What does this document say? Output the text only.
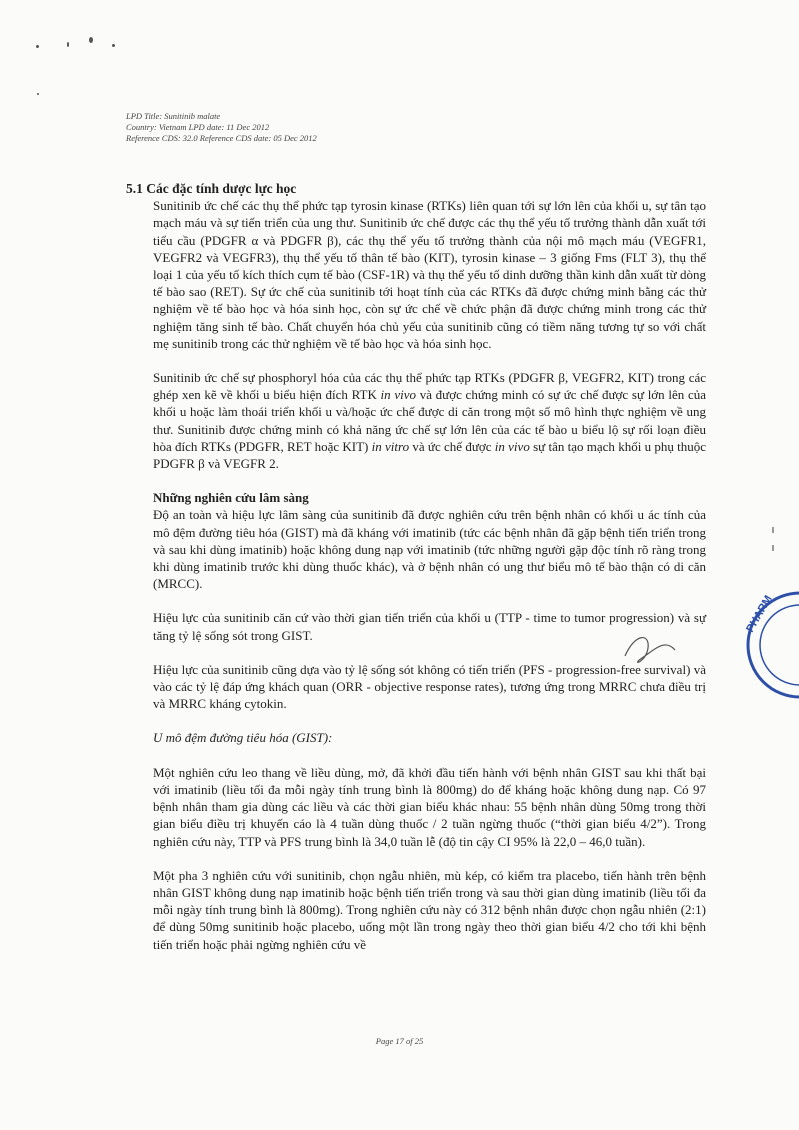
LPD Title: Sunitinib malate
Country: Vietnam LPD date: 11 Dec 2012
Reference CDS: 32.0 Reference CDS date: 05 Dec 2012

5.1 Các đặc tính dược lực học

Sunitinib ức chế các thụ thể phức tạp tyrosin kinase (RTKs) liên quan tới sự lớn lên của khối u, sự tân tạo mạch máu và sự tiến triển của ung thư. Sunitinib ức chế được các thụ thể yếu tố trưởng thành dẫn xuất tới tiểu cầu (PDGFR α và PDGFR β), các thụ thể yếu tố trưởng thành của nội mô mạch máu (VEGFR1, VEGFR2 và VEGFR3), thụ thể yếu tố thân tế bào (KIT), tyrosin kinase – 3 giống Fms (FLT 3), thụ thể loại 1 của yếu tố kích thích cụm tế bào (CSF-1R) và thụ thể yếu tố dinh dưỡng thần kinh dẫn xuất từ dòng tế bào sao (RET). Sự ức chế của sunitinib tới hoạt tính của các RTKs đã được chứng minh bằng các thử nghiệm về tế bào học và hóa sinh học, còn sự ức chế về chức phận đã được chứng minh trong các thử nghiệm tăng sinh tế bào. Chất chuyển hóa chủ yếu của sunitinib cũng có tiềm năng tương tự so với chất mẹ sunitinib trong các thử nghiệm về tế bào học và hóa sinh học.

Sunitinib ức chế sự phosphoryl hóa của các thụ thể phức tạp RTKs (PDGFR β, VEGFR2, KIT) trong các ghép xen kẽ về khối u biểu hiện đích RTK in vivo và được chứng minh có sự ức chế được sự lớn lên của khối u hoặc làm thoái triển khối u và/hoặc ức chế được di căn trong một số mô hình thực nghiệm về ung thư. Sunitinib được chứng minh có khả năng ức chế sự lớn lên của các tế bào u biểu lộ sự rối loạn điều hòa đích RTKs (PDGFR, RET hoặc KIT) in vitro và ức chế được in vivo sự tân tạo mạch khối u phụ thuộc PDGFR β và VEGFR 2.

Những nghiên cứu lâm sàng

Độ an toàn và hiệu lực lâm sàng của sunitinib đã được nghiên cứu trên bệnh nhân có khối u ác tính của mô đệm đường tiêu hóa (GIST) mà đã kháng với imatinib (tức các bệnh nhân đã gặp bệnh tiến triển trong và sau khi dùng imatinib) hoặc không dung nạp với imatinib (tức những người gặp độc tính rõ ràng trong khi dùng imatinib trước khi dùng thuốc khác), và ở bệnh nhân có ung thư biểu mô tế bào thận có di căn (MRCC).

Hiệu lực của sunitinib căn cứ vào thời gian tiến triển của khối u (TTP - time to tumor progression) và sự tăng tỷ lệ sống sót trong GIST.

Hiệu lực của sunitinib cũng dựa vào tỷ lệ sống sót không có tiến triển (PFS - progression-free survival) và vào các tỷ lệ đáp ứng khách quan (ORR - objective response rates), tương ứng trong MRRC chưa điều trị và MRRC kháng cytokin.

U mô đệm đường tiêu hóa (GIST):

Một nghiên cứu leo thang về liều dùng, mở, đã khởi đầu tiến hành với bệnh nhân GIST sau khi thất bại với imatinib (liều tối đa mỗi ngày tính trung bình là 800mg) do để kháng hoặc không dung nạp. Có 97 bệnh nhân tham gia dùng các liều và các thời gian biểu khác nhau: 55 bệnh nhân dùng 50mg trong thời gian biểu điều trị khuyến cáo là 4 tuần dùng thuốc / 2 tuần ngừng thuốc (“thời gian biểu 4/2”). Trong nghiên cứu này, TTP và PFS trung bình là 34,0 tuần lễ (độ tin cậy CI 95% là 22,0 – 46,0 tuần).

Một pha 3 nghiên cứu với sunitinib, chọn ngẫu nhiên, mù kép, có kiểm tra placebo, tiến hành trên bệnh nhân GIST không dung nạp imatinib hoặc bệnh tiến triển trong và sau thời gian dùng imatinib (liều tối đa mỗi ngày tính trung bình là 800mg). Trong nghiên cứu này có 312 bệnh nhân được chọn ngẫu nhiên (2:1) để dùng 50mg sunitinib hoặc placebo, uống một lần trong ngày theo thời gian biểu 4/2 cho tới khi bệnh tiến triển hoặc phải ngừng nghiên cứu về

PHARM
Page 17 of 25
